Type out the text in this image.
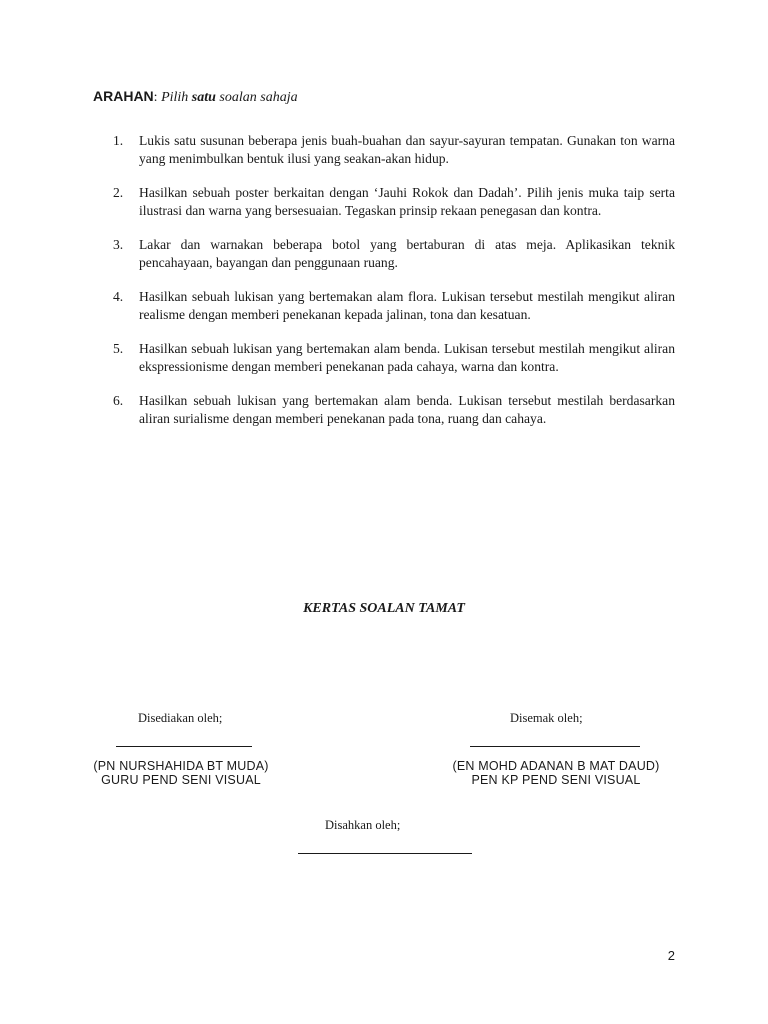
ARAHAN: Pilih satu soalan sahaja
1. Lukis satu susunan beberapa jenis buah-buahan dan sayur-sayuran tempatan. Gunakan ton warna yang menimbulkan bentuk ilusi yang seakan-akan hidup.
2. Hasilkan sebuah poster berkaitan dengan ‘Jauhi Rokok dan Dadah’. Pilih jenis muka taip serta ilustrasi dan warna yang bersesuaian. Tegaskan prinsip rekaan penegasan dan kontra.
3. Lakar dan warnakan beberapa botol yang bertaburan di atas meja. Aplikasikan teknik pencahayaan, bayangan dan penggunaan ruang.
4. Hasilkan sebuah lukisan yang bertemakan alam flora. Lukisan tersebut mestilah mengikut aliran realisme dengan memberi penekanan kepada jalinan, tona dan kesatuan.
5. Hasilkan sebuah lukisan yang bertemakan alam benda. Lukisan tersebut mestilah mengikut aliran ekspressionisme dengan memberi penekanan pada cahaya, warna dan kontra.
6. Hasilkan sebuah lukisan yang bertemakan alam benda. Lukisan tersebut mestilah berdasarkan aliran surialisme dengan memberi penekanan pada tona, ruang dan cahaya.
KERTAS SOALAN TAMAT
Disediakan oleh;
(PN NURSHAHIDA BT MUDA)
GURU PEND SENI VISUAL
Disemak oleh;
(EN MOHD ADANAN B MAT DAUD)
PEN KP PEND SENI VISUAL
Disahkan oleh;
2
